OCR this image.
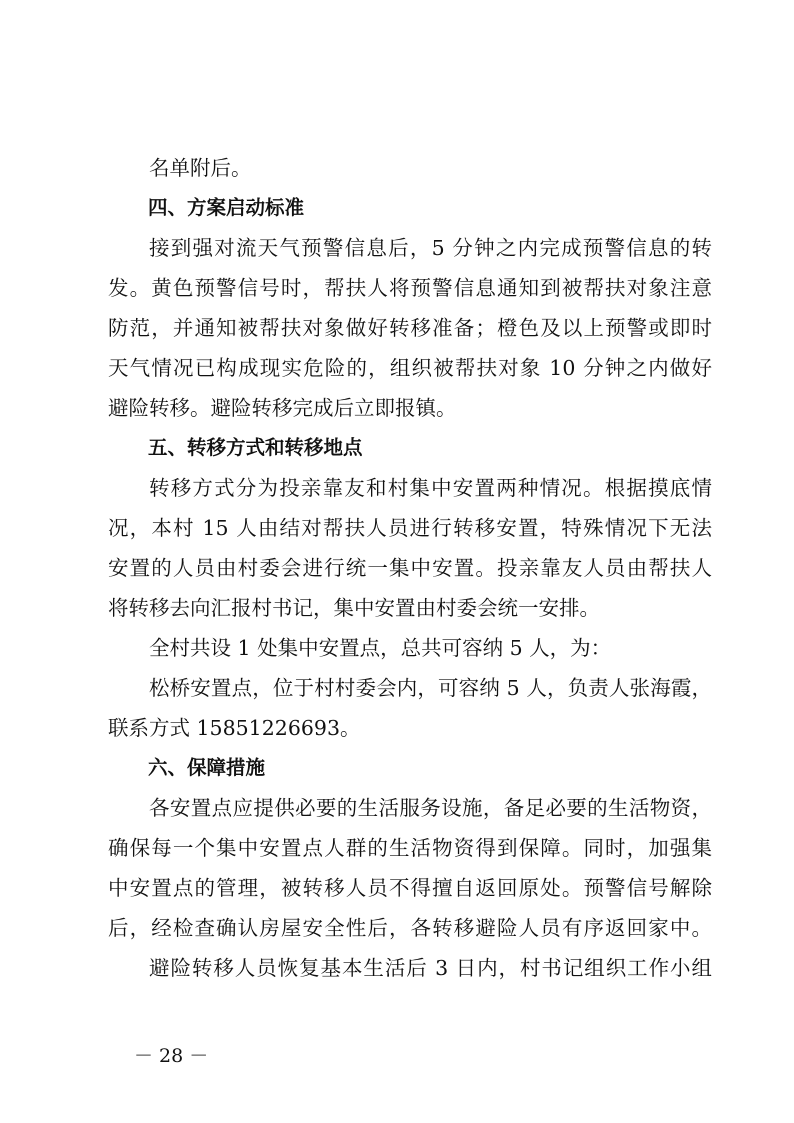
名单附后。
四、方案启动标准
接到强对流天气预警信息后，5 分钟之内完成预警信息的转
发。黄色预警信号时，帮扶人将预警信息通知到被帮扶对象注意
防范，并通知被帮扶对象做好转移准备；橙色及以上预警或即时
天气情况已构成现实危险的，组织被帮扶对象 10 分钟之内做好
避险转移。避险转移完成后立即报镇。
五、转移方式和转移地点
转移方式分为投亲靠友和村集中安置两种情况。根据摸底情
况，本村 15 人由结对帮扶人员进行转移安置，特殊情况下无法
安置的人员由村委会进行统一集中安置。投亲靠友人员由帮扶人
将转移去向汇报村书记，集中安置由村委会统一安排。
全村共设 1 处集中安置点，总共可容纳 5 人，为：
松桥安置点，位于村村委会内，可容纳 5 人，负责人张海霞，
联系方式 15851226693。
六、保障措施
各安置点应提供必要的生活服务设施，备足必要的生活物资，
确保每一个集中安置点人群的生活物资得到保障。同时，加强集
中安置点的管理，被转移人员不得擅自返回原处。预警信号解除
后，经检查确认房屋安全性后，各转移避险人员有序返回家中。
避险转移人员恢复基本生活后 3 日内，村书记组织工作小组
－ 28 －
